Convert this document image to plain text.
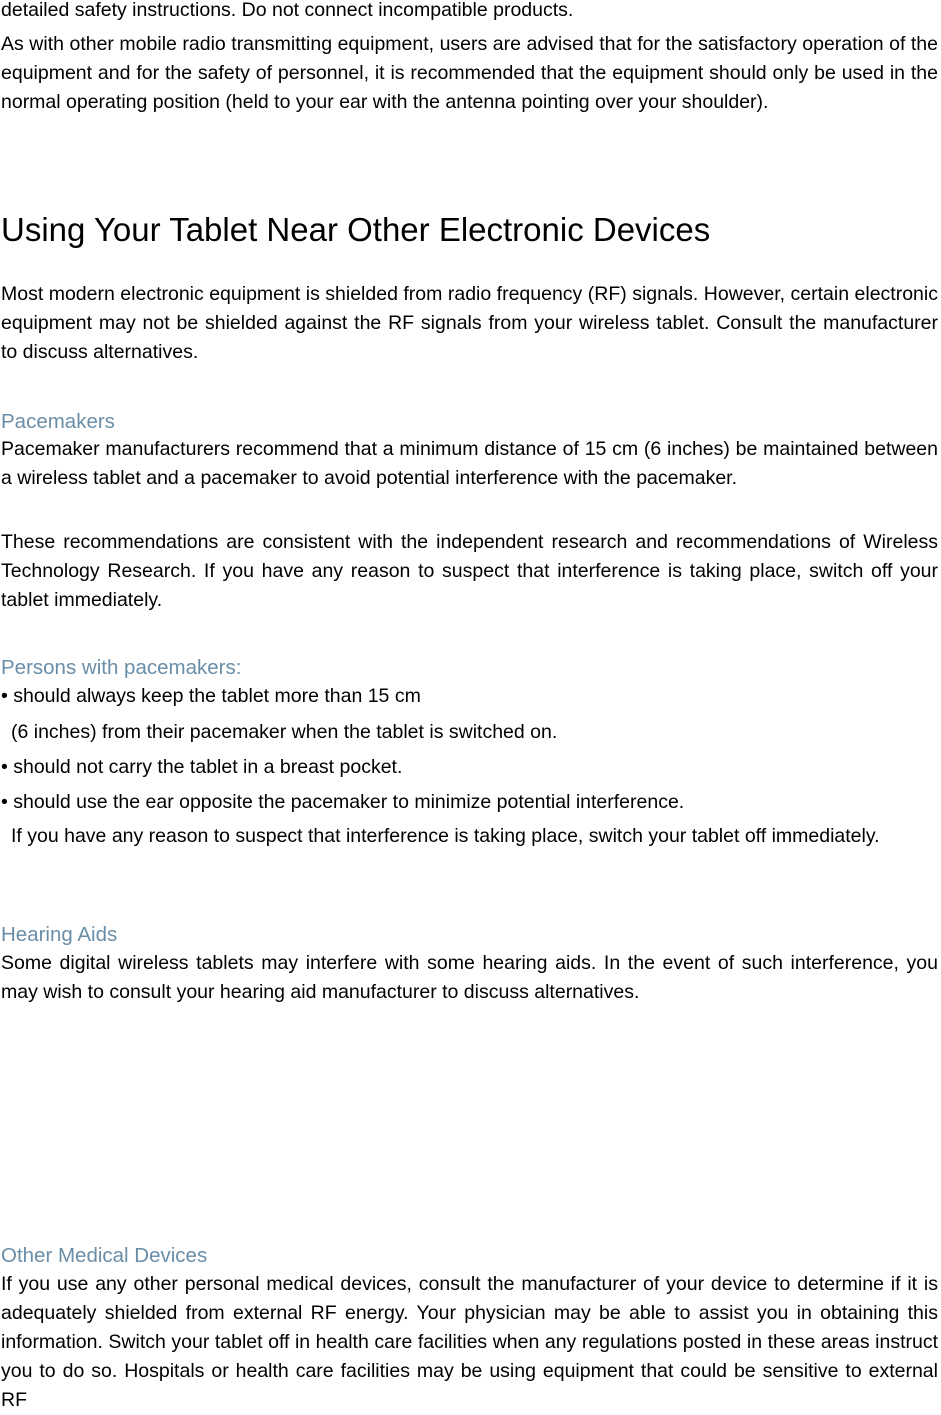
detailed safety instructions. Do not connect incompatible products.

As with other mobile radio transmitting equipment, users are advised that for the satisfactory operation of the equipment and for the safety of personnel, it is recommended that the equipment should only be used in the normal operating position (held to your ear with the antenna pointing over your shoulder).

Using Your Tablet Near Other Electronic Devices

Most modern electronic equipment is shielded from radio frequency (RF) signals. However, certain electronic equipment may not be shielded against the RF signals from your wireless tablet. Consult the manufacturer to discuss alternatives.

Pacemakers

Pacemaker manufacturers recommend that a minimum distance of 15 cm (6 inches) be maintained between a wireless tablet and a pacemaker to avoid potential interference with the pacemaker.

These recommendations are consistent with the independent research and recommendations of Wireless Technology Research. If you have any reason to suspect that interference is taking place, switch off your tablet immediately.

Persons with pacemakers:

• should always keep the tablet more than 15 cm

(6 inches) from their pacemaker when the tablet is switched on.

• should not carry the tablet in a breast pocket.

• should use the ear opposite the pacemaker to minimize potential interference.

If you have any reason to suspect that interference is taking place, switch your tablet off immediately.

Hearing Aids

Some digital wireless tablets may interfere with some hearing aids. In the event of such interference, you may wish to consult your hearing aid manufacturer to discuss alternatives.

Other Medical Devices

If you use any other personal medical devices, consult the manufacturer of your device to determine if it is adequately shielded from external RF energy. Your physician may be able to assist you in obtaining this information. Switch your tablet off in health care facilities when any regulations posted in these areas instruct you to do so. Hospitals or health care facilities may be using equipment that could be sensitive to external RF
